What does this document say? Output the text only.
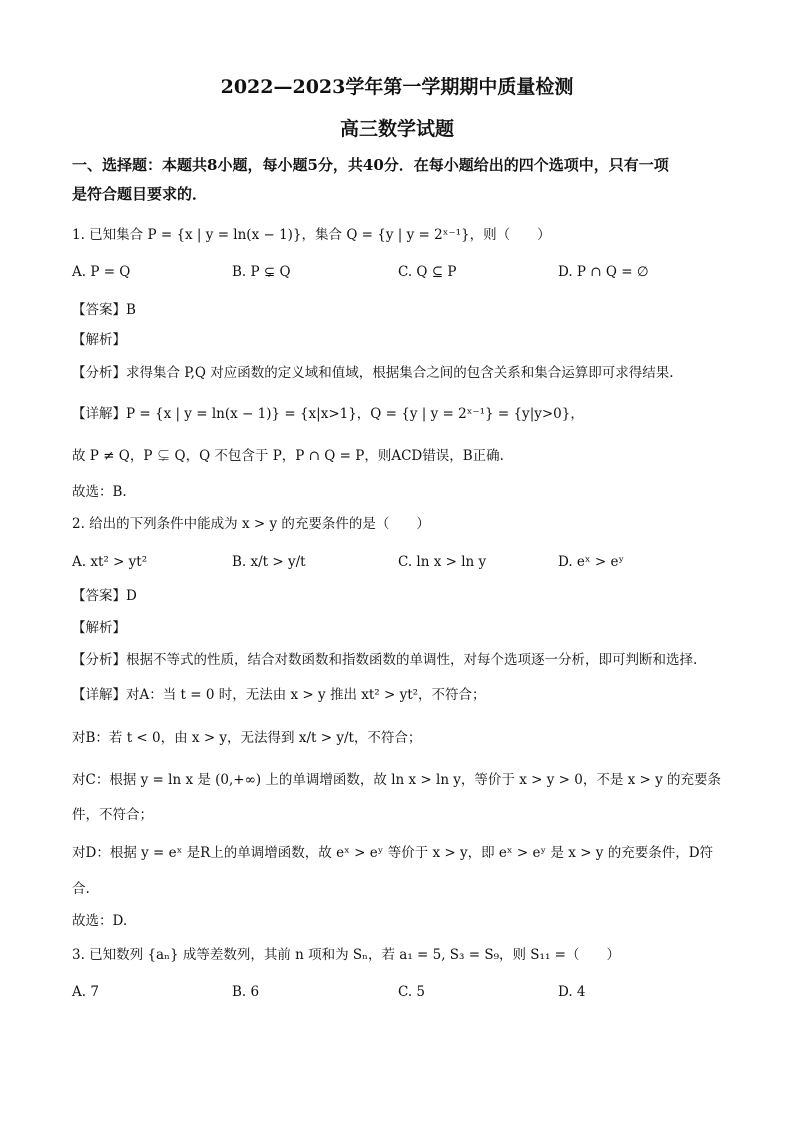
2022—2023学年第一学期期中质量检测
高三数学试题
一、选择题：本题共8小题，每小题5分，共40分．在每小题给出的四个选项中，只有一项
是符合题目要求的．
1. 已知集合 P = {x | y = ln(x − 1)}，集合 Q = {y | y = 2ˣ⁻¹}，则（　　）
A. P = Q	B. P ⊊ Q	C. Q ⊆ P	D. P ∩ Q = ∅
【答案】B
【解析】
【分析】求得集合 P,Q 对应函数的定义域和值域，根据集合之间的包含关系和集合运算即可求得结果.
【详解】P = {x | y = ln(x − 1)} = {x|x>1}，Q = {y | y = 2ˣ⁻¹} = {y|y>0}，
故 P ≠ Q，P ⊊ Q，Q 不包含于 P，P ∩ Q = P，则ACD错误，B正确.
故选：B.
2. 给出的下列条件中能成为 x > y 的充要条件的是（　　）
A. xt² > yt²	B. x/t > y/t	C. ln x > ln y	D. eˣ > eʸ
【答案】D
【解析】
【分析】根据不等式的性质，结合对数函数和指数函数的单调性，对每个选项逐一分析，即可判断和选择.
【详解】对A：当 t = 0 时，无法由 x > y 推出 xt² > yt²，不符合；
对B：若 t < 0，由 x > y，无法得到 x/t > y/t，不符合；
对C：根据 y = ln x 是 (0,+∞) 上的单调增函数，故 ln x > ln y，等价于 x > y > 0，不是 x > y 的充要条
件，不符合；
对D：根据 y = eˣ 是R上的单调增函数，故 eˣ > eʸ 等价于 x > y，即 eˣ > eʸ 是 x > y 的充要条件，D符
合.
故选：D.
3. 已知数列 {aₙ} 成等差数列，其前 n 项和为 Sₙ，若 a₁ = 5, S₃ = S₉，则 S₁₁ =（　　）
A. 7	B. 6	C. 5	D. 4
